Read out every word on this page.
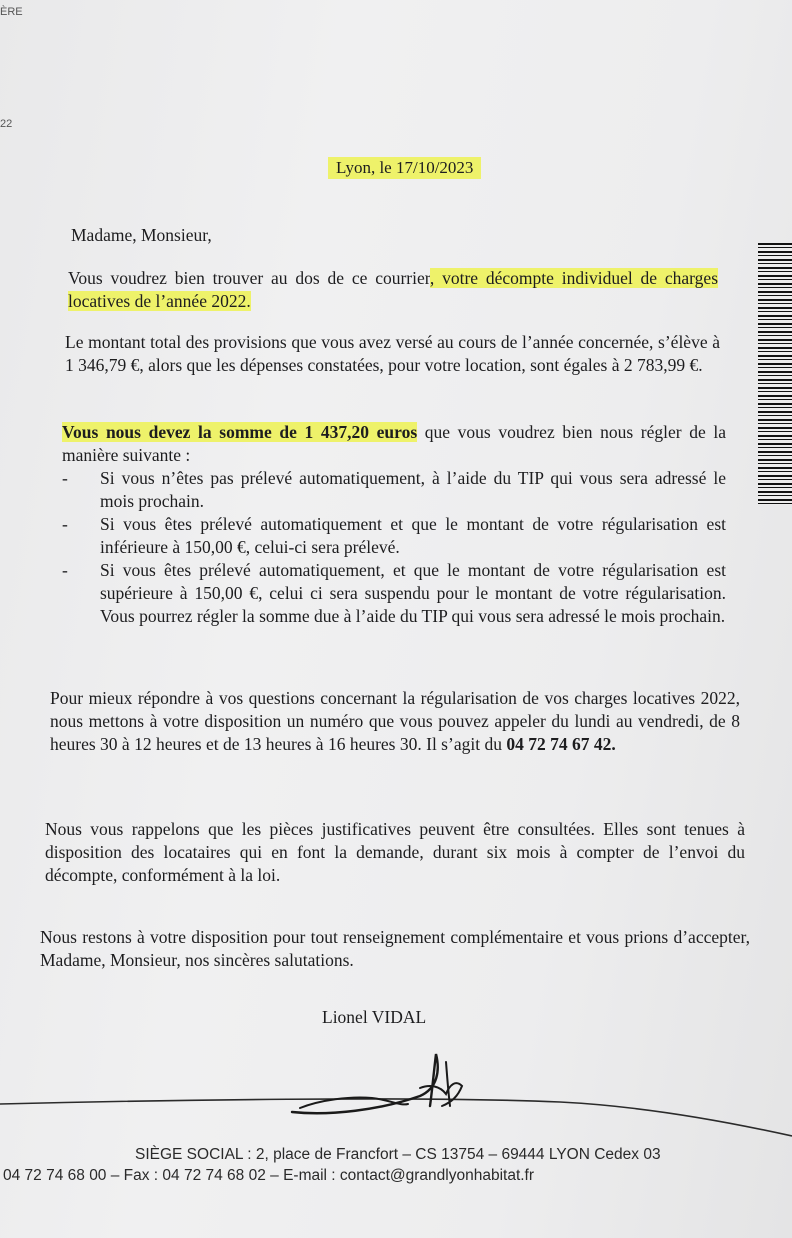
ÈRE
22
Lyon, le 17/10/2023
Madame, Monsieur,
Vous voudrez bien trouver au dos de ce courrier, votre décompte individuel de charges locatives de l’année 2022.
Le montant total des provisions que vous avez versé au cours de l’année concernée, s’élève à 1 346,79 €, alors que les dépenses constatées, pour votre location, sont égales à 2 783,99 €.
Vous nous devez la somme de 1 437,20 euros que vous voudrez bien nous régler de la manière suivante :
- Si vous n’êtes pas prélevé automatiquement, à l’aide du TIP qui vous sera adressé le mois prochain.
- Si vous êtes prélevé automatiquement et que le montant de votre régularisation est inférieure à 150,00 €, celui-ci sera prélevé.
- Si vous êtes prélevé automatiquement, et que le montant de votre régularisation est supérieure à 150,00 €, celui ci sera suspendu pour le montant de votre régularisation. Vous pourrez régler la somme due à l’aide du TIP qui vous sera adressé le mois prochain.
Pour mieux répondre à vos questions concernant la régularisation de vos charges locatives 2022, nous mettons à votre disposition un numéro que vous pouvez appeler du lundi au vendredi, de 8 heures 30 à 12 heures et de 13 heures à 16 heures 30. Il s’agit du 04 72 74 67 42.
Nous vous rappelons que les pièces justificatives peuvent être consultées. Elles sont tenues à disposition des locataires qui en font la demande, durant six mois à compter de l’envoi du décompte, conformément à la loi.
Nous restons à votre disposition pour tout renseignement complémentaire et vous prions d’accepter, Madame, Monsieur, nos sincères salutations.
Lionel VIDAL
SIÈGE SOCIAL : 2, place de Francfort – CS 13754 – 69444 LYON Cedex 03
04 72 74 68 00 – Fax : 04 72 74 68 02 – E-mail : contact@grandlyonhabitat.fr
